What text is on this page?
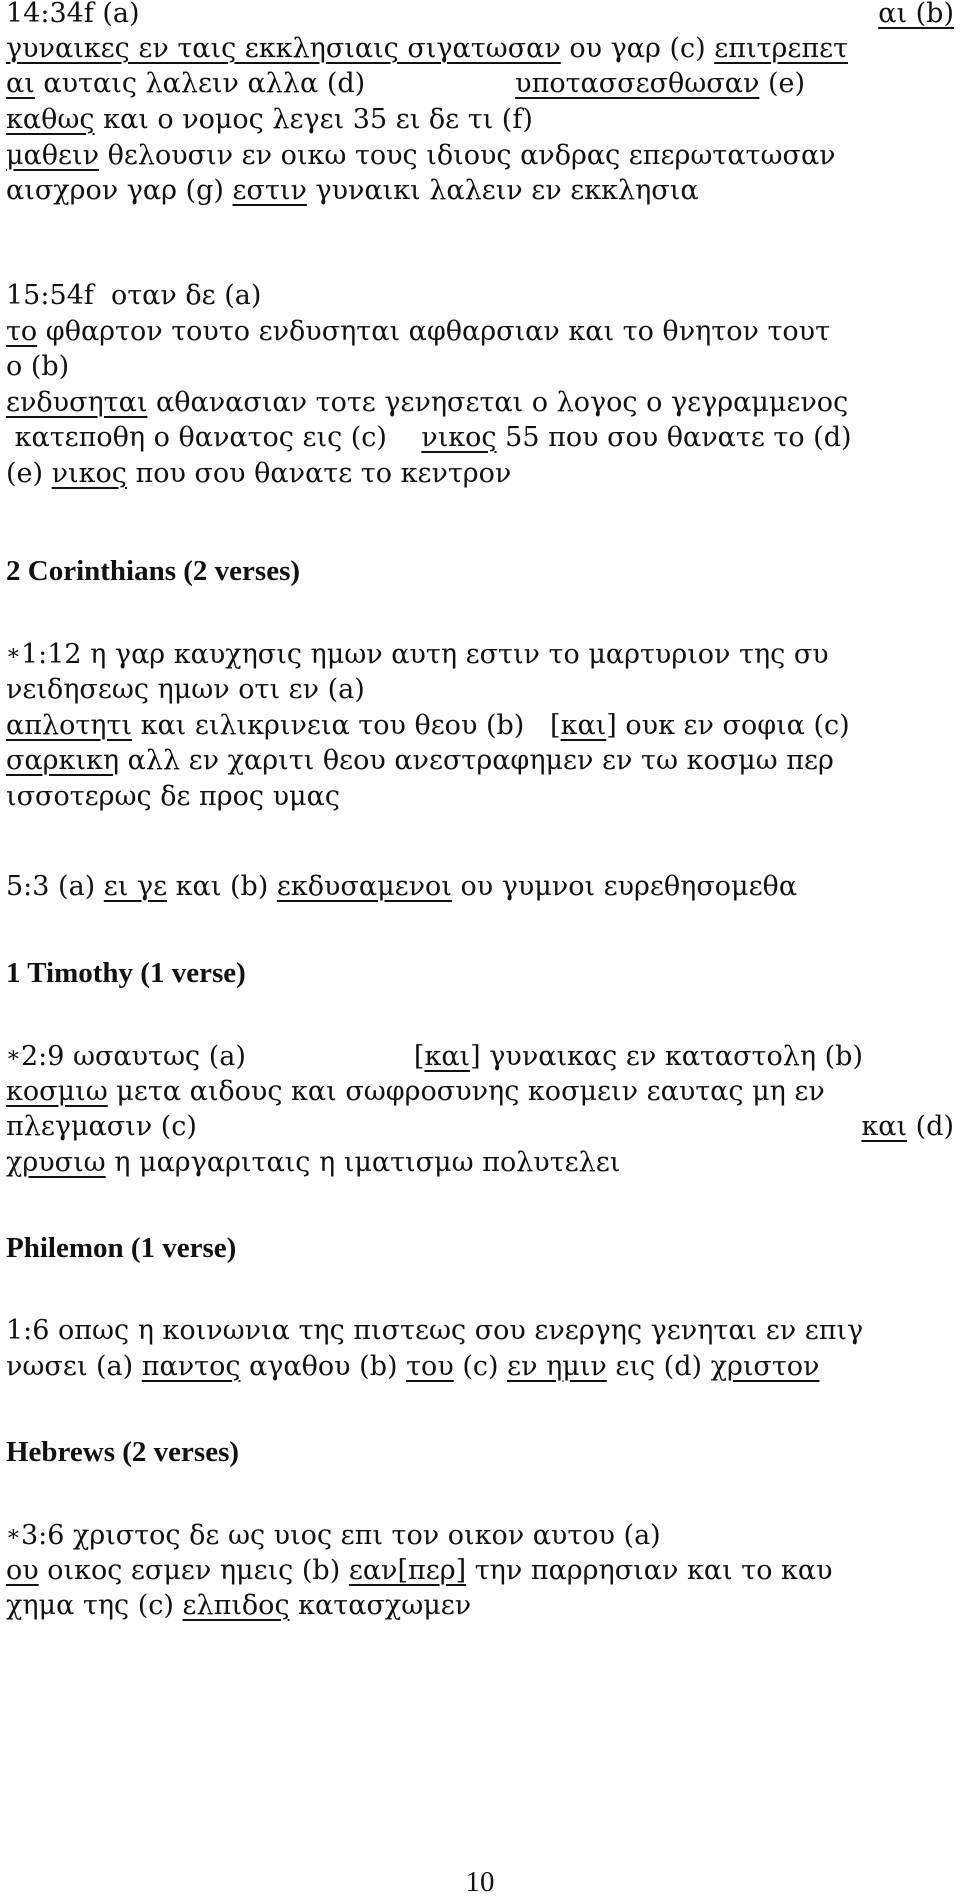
14:34f (a)	αι (b)
γυναικες εν ταις εκκλησιαις σιγατωσαν ου γαρ (c) επιτρεπετ
αι αυταις λαλειν αλλα (d)	υποτασσεσθωσαν (e)
καθως και ο νομος λεγει 35 ει δε τι (f)
μαθειν θελουσιν εν οικω τους ιδιους ανδρας επερωτατωσαν
αισχρον γαρ (g) εστιν γυναικι λαλειν εν εκκλησια
15:54f  οταν δε (a)
το φθαρτον τουτο ενδυσηται αφθαρσιαν και το θνητον τουτ
ο (b)
ενδυσηται αθανασιαν τοτε γενησεται ο λογος ο γεγραμμενος
κατεποθη ο θανατος εις (c)    νικος 55 που σου θανατε το (d)
(e) νικος που σου θανατε το κεντρον
2 Corinthians (2 verses)
∗1:12 η γαρ καυχησις ημων αυτη εστιν το μαρτυριον της συ
νειδησεως ημων οτι εν (a)
απλοτητι και ειλικρινεια του θεου (b)   [και] ουκ εν σοφια (c)
σαρκικη αλλ εν χαριτι θεου ανεστραφημεν εν τω κοσμω περ
ισσοτερως δε προς υμας
5:3 (a) ει γε και (b) εκδυσαμενοι ου γυμνοι ευρεθησομεθα
1 Timothy (1 verse)
∗2:9 ωσαυτως (a)	[και] γυναικας εν καταστολη (b)
κοσμιω μετα αιδους και σωφροσυνης κοσμειν εαυτας μη εν
πλεγμασιν (c)	και (d)
χρυσιω η μαργαριταις η ιματισμω πολυτελει
Philemon (1 verse)
1:6 οπως η κοινωνια της πιστεως σου ενεργης γενηται εν επιγ
νωσει (a) παντος αγαθου (b) του (c) εν ημιν εις (d) χριστον
Hebrews (2 verses)
∗3:6 χριστος δε ως υιος επι τον οικον αυτου (a)
ου οικος εσμεν ημεις (b) εαν[περ] την παρρησιαν και το καυ
χημα της (c) ελπιδος κατασχωμεν
10
